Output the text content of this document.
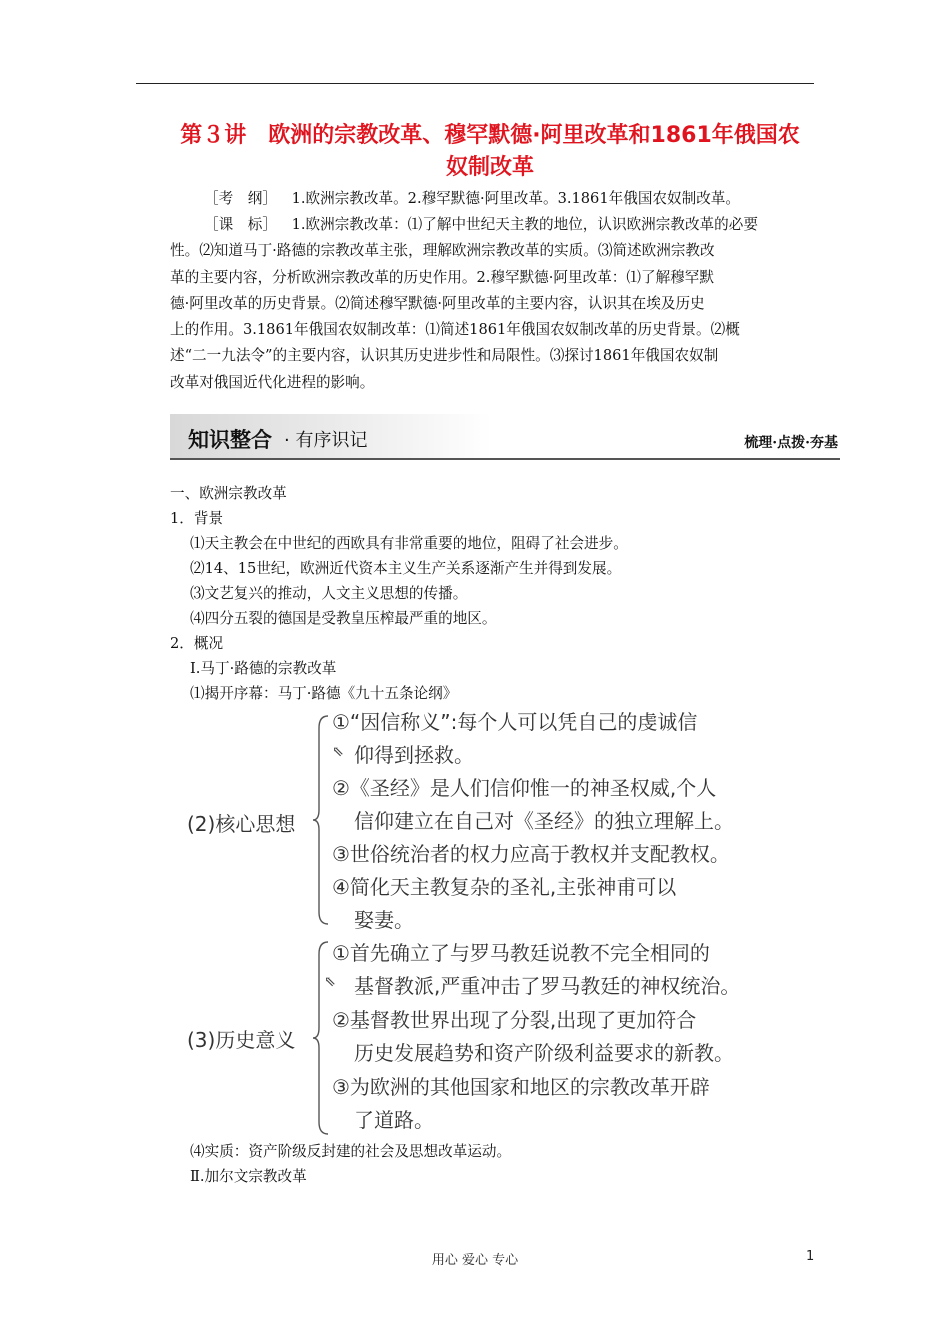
第３讲　欧洲的宗教改革、穆罕默德·阿里改革和1861年俄国农
奴制改革
［考　纲］  1.欧洲宗教改革。2.穆罕默德·阿里改革。3.1861年俄国农奴制改革。
［课　标］  1.欧洲宗教改革：⑴了解中世纪天主教的地位，认识欧洲宗教改革的必要
性。⑵知道马丁·路德的宗教改革主张，理解欧洲宗教改革的实质。⑶简述欧洲宗教改
革的主要内容，分析欧洲宗教改革的历史作用。2.穆罕默德·阿里改革：⑴了解穆罕默
德·阿里改革的历史背景。⑵简述穆罕默德·阿里改革的主要内容，认识其在埃及历史
上的作用。3.1861年俄国农奴制改革：⑴简述1861年俄国农奴制改革的历史背景。⑵概
述“二一九法令”的主要内容，认识其历史进步性和局限性。⑶探讨1861年俄国农奴制
改革对俄国近代化进程的影响。
知识整合 · 有序识记	梳理·点拨·夯基
一、欧洲宗教改革
1．背景
⑴天主教会在中世纪的西欧具有非常重要的地位，阻碍了社会进步。
⑵14、15世纪，欧洲近代资本主义生产关系逐渐产生并得到发展。
⑶文艺复兴的推动，人文主义思想的传播。
⑷四分五裂的德国是受教皇压榨最严重的地区。
2．概况
Ⅰ.马丁·路德的宗教改革
⑴揭开序幕：马丁·路德《九十五条论纲》
(2)核心思想
⇖
①“因信称义”:每个人可以凭自己的虔诚信
仰得到拯救。
②《圣经》是人们信仰惟一的神圣权威,个人
信仰建立在自己对《圣经》的独立理解上。
③世俗统治者的权力应高于教权并支配教权。
④简化天主教复杂的圣礼,主张神甫可以
娶妻。
(3)历史意义
⇖
①首先确立了与罗马教廷说教不完全相同的
基督教派,严重冲击了罗马教廷的神权统治。
②基督教世界出现了分裂,出现了更加符合
历史发展趋势和资产阶级利益要求的新教。
③为欧洲的其他国家和地区的宗教改革开辟
了道路。
⑷实质：资产阶级反封建的社会及思想改革运动。
Ⅱ.加尔文宗教改革
用心 爱心 专心	1
